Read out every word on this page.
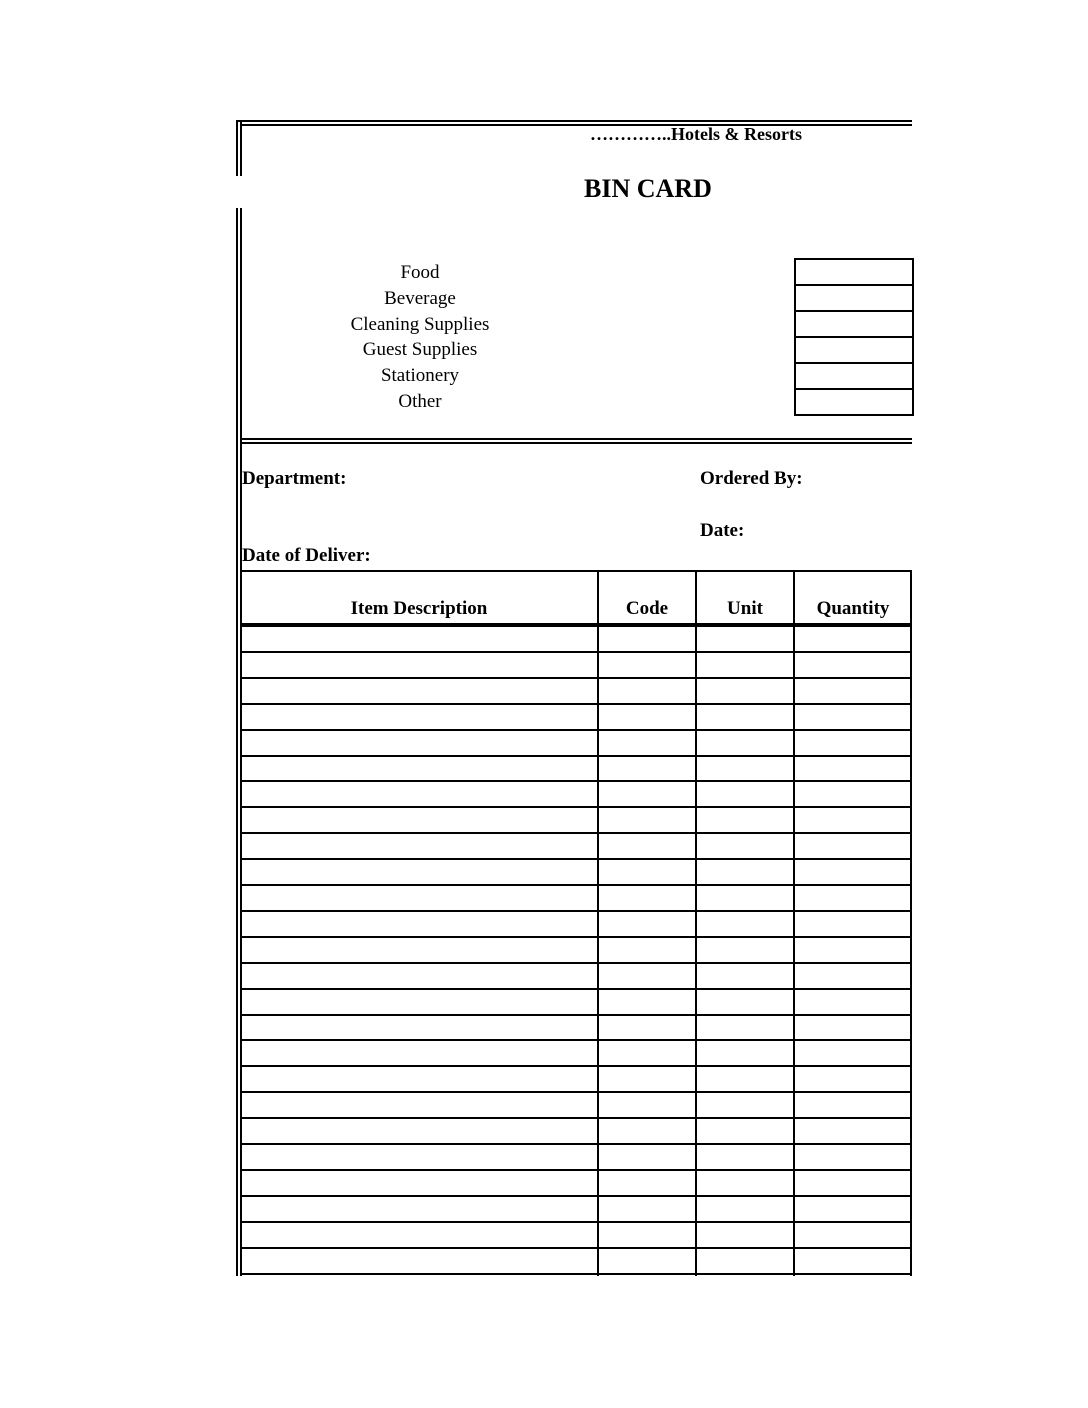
…………..Hotels & Resorts
BIN CARD
Food
Beverage
Cleaning Supplies
Guest Supplies
Stationery
Other
Department:	Ordered By:
Date:
Date of Deliver:
Item Description	Code	Unit	Quantity
